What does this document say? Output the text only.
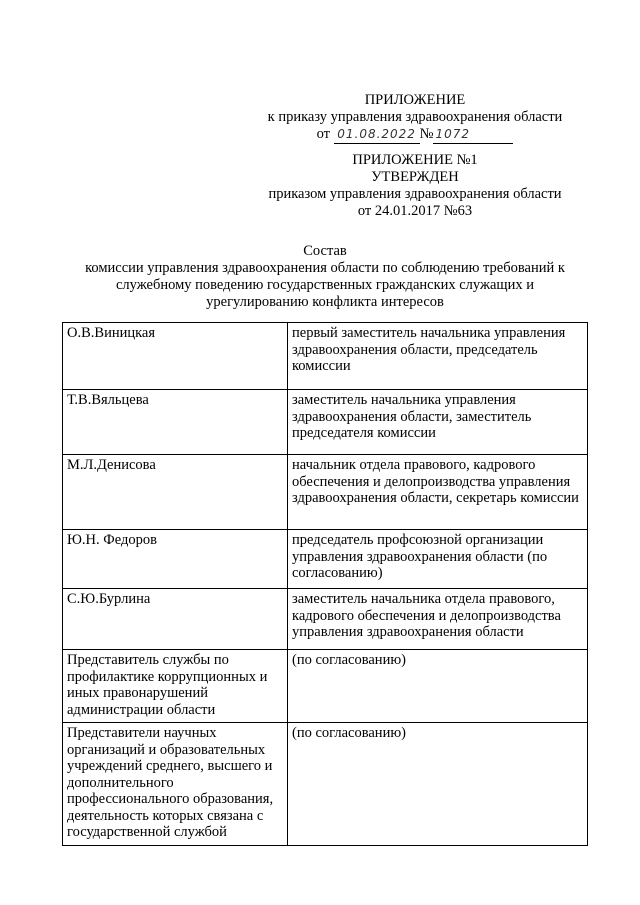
ПРИЛОЖЕНИЕ
к приказу управления здравоохранения области
от 01.08.2022 № 1072
ПРИЛОЖЕНИЕ №1
УТВЕРЖДЕН
приказом управления здравоохранения области
от 24.01.2017 №63
Состав
комиссии управления здравоохранения области по соблюдению требований к
служебному поведению государственных гражданских служащих и
урегулированию конфликта интересов
О.В.Виницкая	первый заместитель начальника управления здравоохранения области, председатель комиссии
Т.В.Вяльцева	заместитель начальника управления здравоохранения области, заместитель председателя комиссии
М.Л.Денисова	начальник отдела правового, кадрового обеспечения и делопроизводства управления здравоохранения области, секретарь комиссии
Ю.Н. Федоров	председатель профсоюзной организации управления здравоохранения области (по согласованию)
С.Ю.Бурлина	заместитель начальника отдела правового, кадрового обеспечения и делопроизводства управления здравоохранения области
Представитель службы по профилактике коррупционных и иных правонарушений администрации области	(по согласованию)
Представители научных организаций и образовательных учреждений среднего, высшего и дополнительного профессионального образования, деятельность которых связана с государственной службой	(по согласованию)
